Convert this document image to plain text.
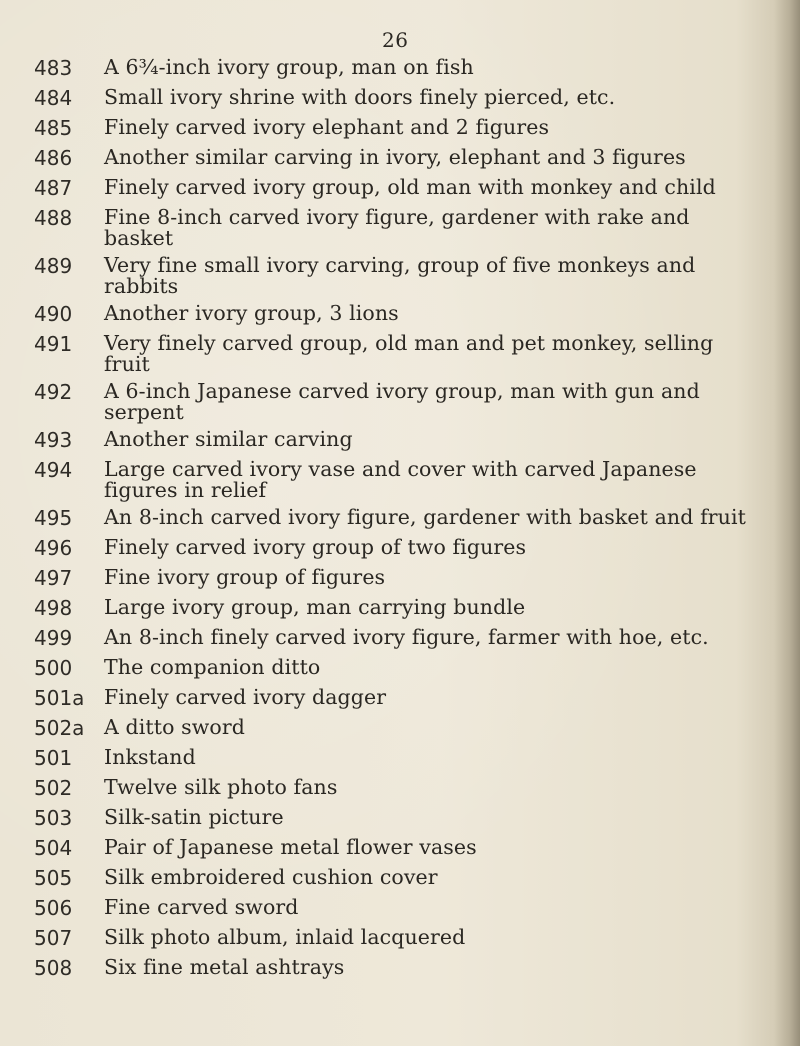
26
483	A 6¾-inch ivory group, man on fish
484	Small ivory shrine with doors finely pierced, etc.
485	Finely carved ivory elephant and 2 figures
486	Another similar carving in ivory, elephant and 3 figures
487	Finely carved ivory group, old man with monkey and child
488	Fine 8-inch carved ivory figure, gardener with rake and basket
489	Very fine small ivory carving, group of five monkeys and rabbits
490	Another ivory group, 3 lions
491	Very finely carved group, old man and pet monkey, selling fruit
492	A 6-inch Japanese carved ivory group, man with gun and serpent
493	Another similar carving
494	Large carved ivory vase and cover with carved Japanese figures in relief
495	An 8-inch carved ivory figure, gardener with basket and fruit
496	Finely carved ivory group of two figures
497	Fine ivory group of figures
498	Large ivory group, man carrying bundle
499	An 8-inch finely carved ivory figure, farmer with hoe, etc.
500	The companion ditto
501a Finely carved ivory dagger
502a A ditto sword
501	Inkstand
502	Twelve silk photo fans
503	Silk-satin picture
504	Pair of Japanese metal flower vases
505	Silk embroidered cushion cover
506	Fine carved sword
507	Silk photo album, inlaid lacquered
508	Six fine metal ashtrays
